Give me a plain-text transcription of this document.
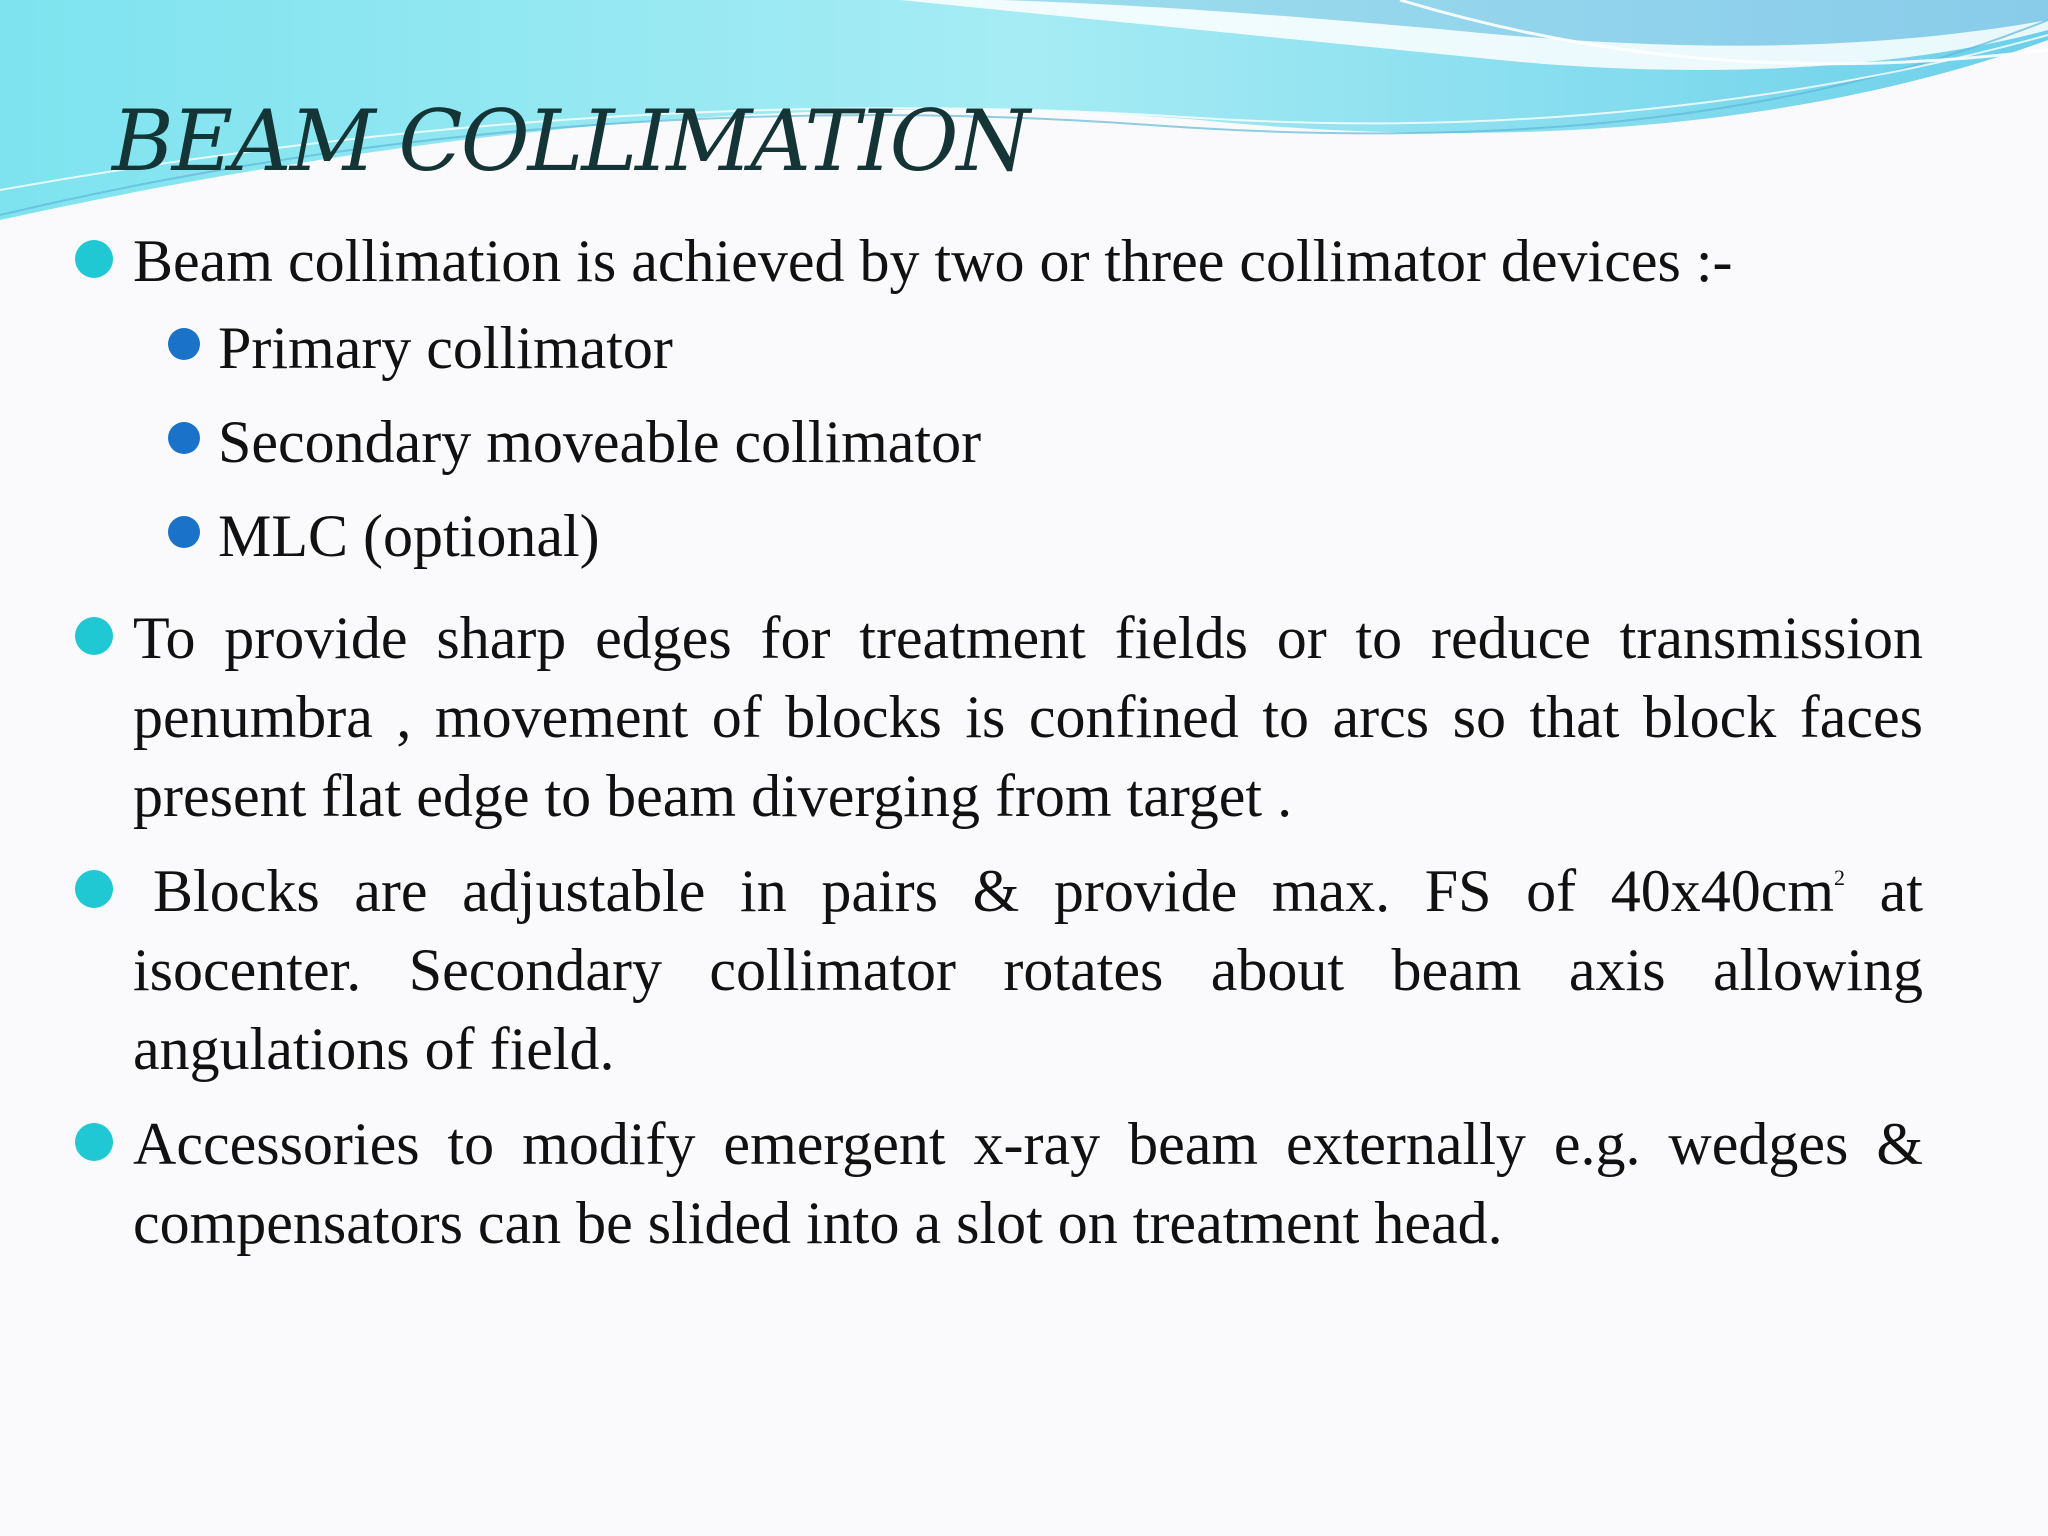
BEAM COLLIMATION
Beam collimation is achieved by two or three collimator devices :-
Primary collimator
Secondary moveable collimator
MLC (optional)
To provide sharp edges for treatment fields or to reduce transmission penumbra , movement of blocks is confined to arcs so that block faces present flat edge to beam diverging from target .
Blocks are adjustable in pairs & provide max. FS of $40x40cm^2$ at isocenter. Secondary collimator rotates about beam axis allowing angulations of field.
Accessories to modify emergent x-ray beam externally e.g. wedges & compensators can be slided into a slot on treatment head.
